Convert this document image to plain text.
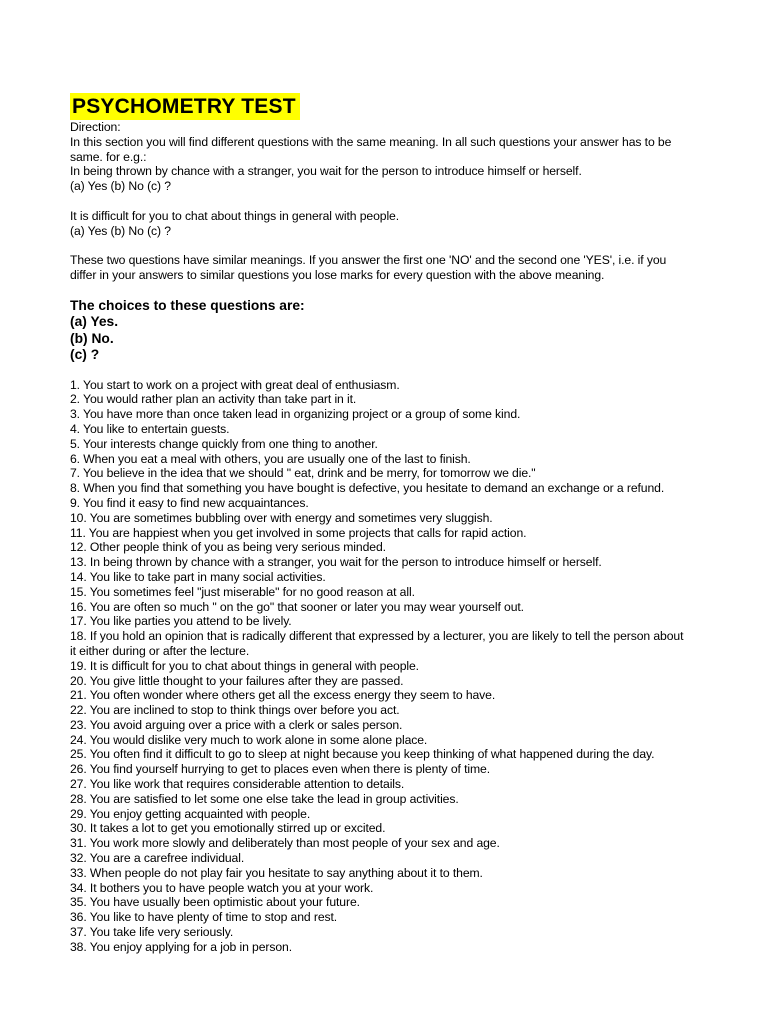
PSYCHOMETRY TEST

Direction:

In this section you will find different questions with the same meaning. In all such questions your answer has to be same. for e.g.:

In being thrown by chance with a stranger, you wait for the person to introduce himself or herself.

(a) Yes (b) No (c) ?

It is difficult for you to chat about things in general with people.

(a) Yes (b) No (c) ?

These two questions have similar meanings. If you answer the first one 'NO' and the second one 'YES', i.e. if you differ in your answers to similar questions you lose marks for every question with the above meaning.

The choices to these questions are:

(a) Yes.

(b) No.

(c) ?

1. You start to work on a project with great deal of enthusiasm.
2. You would rather plan an activity than take part in it.
3. You have more than once taken lead in organizing project or a group of some kind.
4. You like to entertain guests.
5. Your interests change quickly from one thing to another.
6. When you eat a meal with others, you are usually one of the last to finish.
7. You believe in the idea that we should " eat, drink and be merry, for tomorrow we die."
8. When you find that something you have bought is defective, you hesitate to demand an exchange or a refund.
9. You find it easy to find new acquaintances.
10. You are sometimes bubbling over with energy and sometimes very sluggish.
11. You are happiest when you get involved in some projects that calls for rapid action.
12. Other people think of you as being very serious minded.
13. In being thrown by chance with a stranger, you wait for the person to introduce himself or herself.
14. You like to take part in many social activities.
15. You sometimes feel "just miserable" for no good reason at all.
16. You are often so much " on the go" that sooner or later you may wear yourself out.
17. You like parties you attend to be lively.
18. If you hold an opinion that is radically different that expressed by a lecturer, you are likely to tell the person about it either during or after the lecture.
19. It is difficult for you to chat about things in general with people.
20. You give little thought to your failures after they are passed.
21. You often wonder where others get all the excess energy they seem to have.
22. You are inclined to stop to think things over before you act.
23. You avoid arguing over a price with a clerk or sales person.
24. You would dislike very much to work alone in some alone place.
25. You often find it difficult to go to sleep at night because you keep thinking of what happened during the day.
26. You find yourself hurrying to get to places even when there is plenty of time.
27. You like work that requires considerable attention to details.
28. You are satisfied to let some one else take the lead in group activities.
29. You enjoy getting acquainted with people.
30. It takes a lot to get you emotionally stirred up or excited.
31. You work more slowly and deliberately than most people of your sex and age.
32. You are a carefree individual.
33. When people do not play fair you hesitate to say anything about it to them.
34. It bothers you to have people watch you at your work.
35. You have usually been optimistic about your future.
36. You like to have plenty of time to stop and rest.
37. You take life very seriously.
38. You enjoy applying for a job in person.
